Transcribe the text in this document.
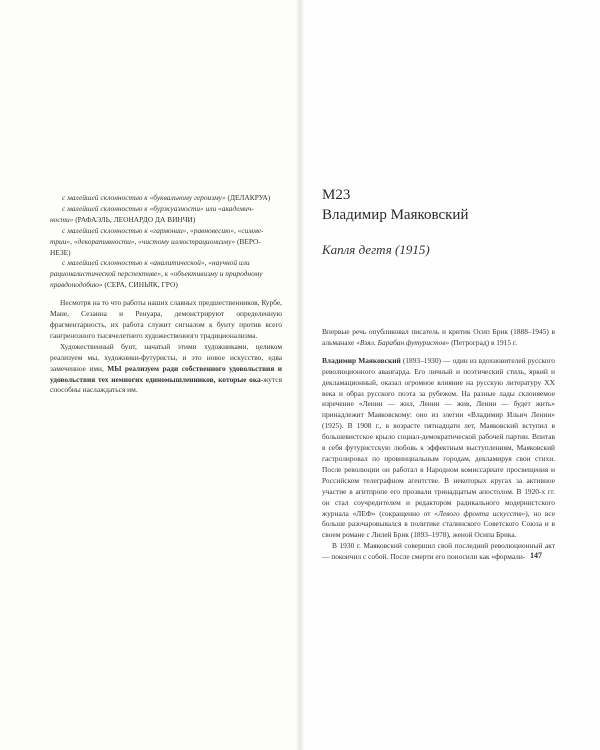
с малейшей склонностью к «буквальному героизму» (ДЕЛАКРУА)

с малейшей склонностью к «буржуазности» или «академич-

ности» (РАФАЭЛЬ, ЛЕОНАРДО ДА ВИНЧИ)

с малейшей склонностью к «гармонии», «равновесию», «симме-

трии», «декоративности», «чистому иллюстрационизму» (ВЕРО-

НЕЗЕ)

с малейшей склонностью к «аналитической», «научной или

рационалистической перспективе», к «объективизму и природному

правдоподобию» (СЕРА, СИНЬЯК, ГРО)

Несмотря на то что работы наших славных предшественников, Курбе, Мане, Сезанна и Ренуара, демонстрируют определенную фрагментарность, их работа служит сигналом к бунту против всего гангренозного тысячелетнего художественного традиционализма.

Художественный бунт, начатый этими художниками, целиком реализуем мы, художники-футуристы, и это новое искусство, едва замеченное ими, МЫ реализуем ради собственного удовольствия и удовольствия тех немногих единомышленников, которые ока-жутся способны наслаждаться им.

М23
Владимир Маяковский
Капля дегтя (1915)

Впервые речь опубликовал писатель и критик Осип Брик (1888–1945) в альманахе «Взял. Барабан футуристов» (Петроград) в 1915 г.

Владимир Маяковский (1893–1930) — один из вдохновителей русского революционного авангарда. Его личный и поэтический стиль, яркий и декламационный, оказал огромное влияние на русскую литературу XX века и образ русского поэта за рубежом. На разные лады склоняемое изречение «Ленин — жил, Ленин — жив, Ленин — будет жить» принадлежит Маяковскому: оно из элегии «Владимир Ильич Ленин» (1925). В 1908 г., в возрасте пятнадцати лет, Маяковский вступил в большевистское крыло социал-демократической рабочей партии. Впитав в себя футуристскую любовь к эффектным выступлениям, Маяковский гастролировал по провинциальным городам, декламируя свои стихи. После революции он работал в Народном комиссариате просвещения и Российском телеграфном агентстве. В некоторых кругах за активное участие в агитпропе его прозвали тринадцатым апостолом. В 1920-х гг. он стал соучредителем и редактором радикального модернистского журнала «ЛЕФ» (сокращенно от «Левого фронта искусств»), но все больше разочаровывался в политике сталинского Советского Союза и в своем романе с Лилей Брик (1893–1978), женой Осипа Брика.

В 1930 г. Маяковский совершил свой последний революционный акт — покончил с собой. После смерти его поносили как «формали- 147
